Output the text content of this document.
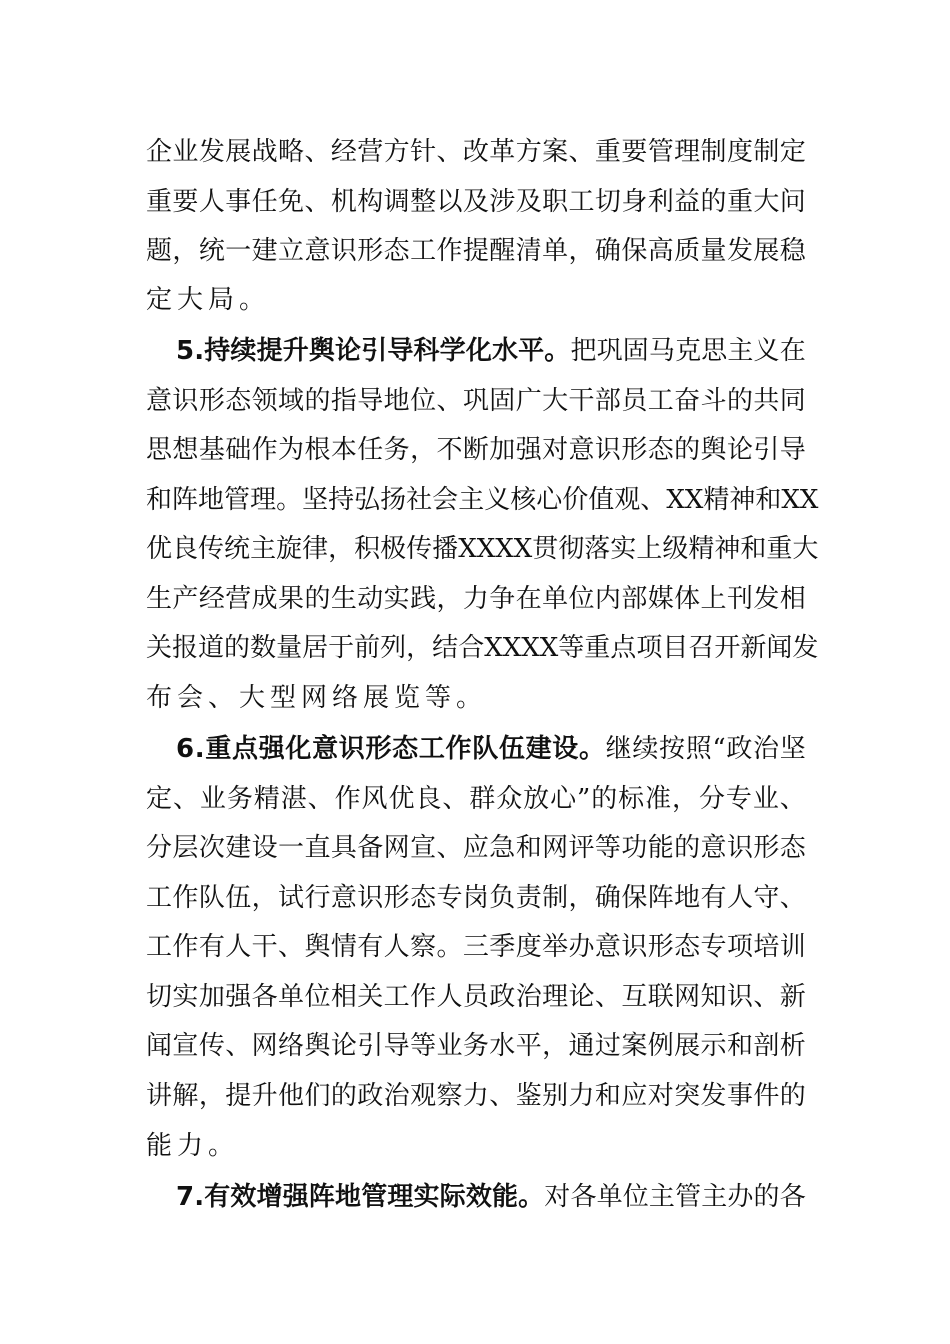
企 业 发 展 战 略 、 经 营 方 针 、 改 革 方 案 、 重 要 管 理 制 度 制 定
重 要 人 事 任 免 、 机 构 调 整 以 及 涉 及 职 工 切 身 利 益 的 重 大 问
题 ， 统 一 建 立 意 识 形 态 工 作 提 醒 清 单 ， 确 保 高 质 量 发 展 稳
定大局。
5 . 持 续 提 升 舆 论 引 导 科 学 化 水 平 。 把 巩 固 马 克 思 主 义 在
意 识 形 态 领 域 的 指 导 地 位 、 巩 固 广 大 干 部 员 工 奋 斗 的 共 同
思 想 基 础 作 为 根 本 任 务 ， 不 断 加 强 对 意 识 形 态 的 舆 论 引 导
和 阵 地 管 理 。 坚 持 弘 扬 社 会 主 义 核 心 价 值 观 、 X X 精 神 和 X X
优 良 传 统 主 旋 律 ， 积 极 传 播 X X X X 贯 彻 落 实 上 级 精 神 和 重 大
生 产 经 营 成 果 的 生 动 实 践 ， 力 争 在 单 位 内 部 媒 体 上 刊 发 相
关 报 道 的 数 量 居 于 前 列 ， 结 合 X X X X 等 重 点 项 目 召 开 新 闻 发
布会、大型网络展览等。
6 . 重 点 强 化 意 识 形 态 工 作 队 伍 建 设 。 继 续 按 照 “ 政 治 坚
定 、 业 务 精 湛 、 作 风 优 良 、 群 众 放 心 ” 的 标 准 ， 分 专 业 、
分 层 次 建 设 一 直 具 备 网 宣 、 应 急 和 网 评 等 功 能 的 意 识 形 态
工 作 队 伍 ， 试 行 意 识 形 态 专 岗 负 责 制 ， 确 保 阵 地 有 人 守 、
工 作 有 人 干 、 舆 情 有 人 察 。 三 季 度 举 办 意 识 形 态 专 项 培 训
切 实 加 强 各 单 位 相 关 工 作 人 员 政 治 理 论 、 互 联 网 知 识 、 新
闻 宣 传 、 网 络 舆 论 引 导 等 业 务 水 平 ， 通 过 案 例 展 示 和 剖 析
讲 解 ， 提 升 他 们 的 政 治 观 察 力 、 鉴 别 力 和 应 对 突 发 事 件 的
能力。
7 . 有 效 增 强 阵 地 管 理 实 际 效 能 。 对 各 单 位 主 管 主 办 的 各
